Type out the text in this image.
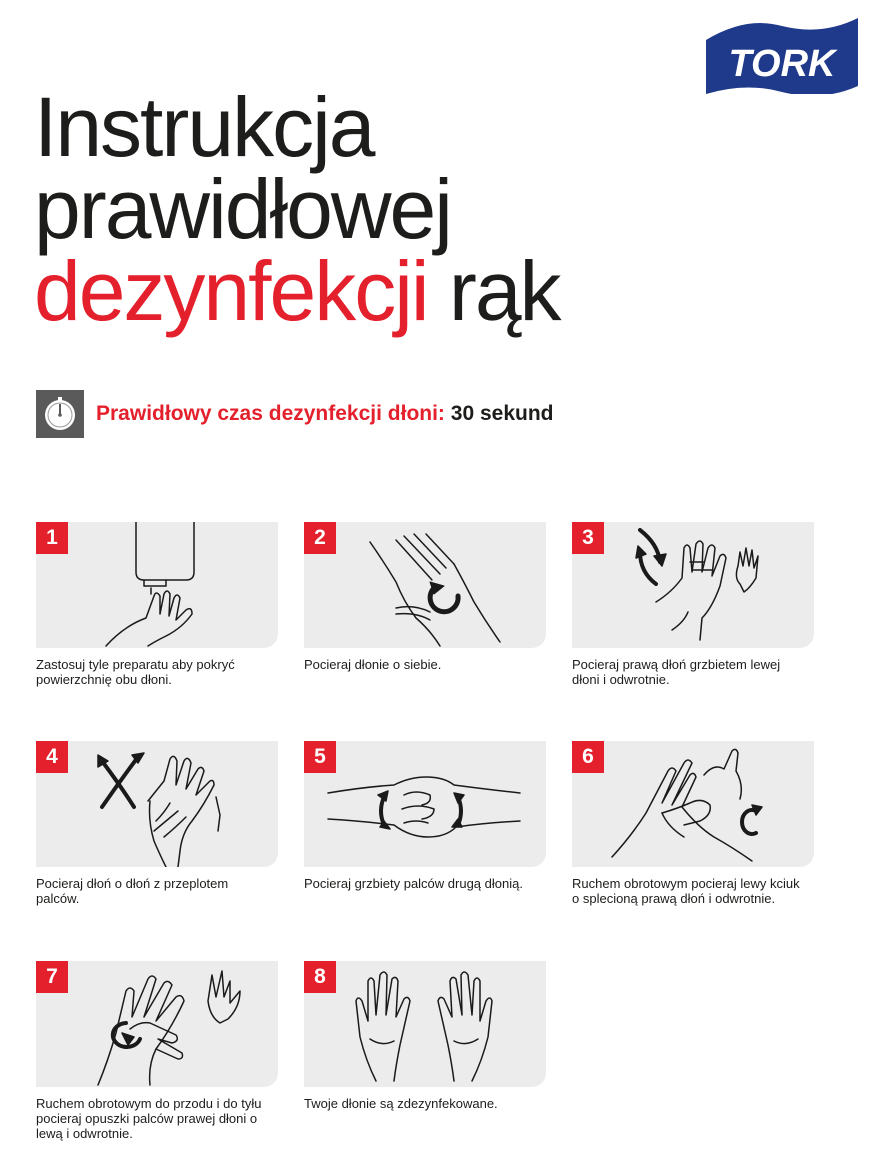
TORK
Instrukcja
prawidłowej
dezynfekcji rąk
Prawidłowy czas dezynfekcji dłoni: 30 sekund
1
Zastosuj tyle preparatu aby pokryć powierzchnię obu dłoni.
2
Pocieraj dłonie o siebie.
3
Pocieraj prawą dłoń grzbietem lewej dłoni i odwrotnie.
4
Pocieraj dłoń o dłoń z przeplotem palców.
5
Pocieraj grzbiety palców drugą dłonią.
6
Ruchem obrotowym pocieraj lewy kciuk o splecioną prawą dłoń i odwrotnie.
7
Ruchem obrotowym do przodu i do tyłu pocieraj opuszki palców prawej dłoni o lewą i odwrotnie.
8
Twoje dłonie są zdezynfekowane.
